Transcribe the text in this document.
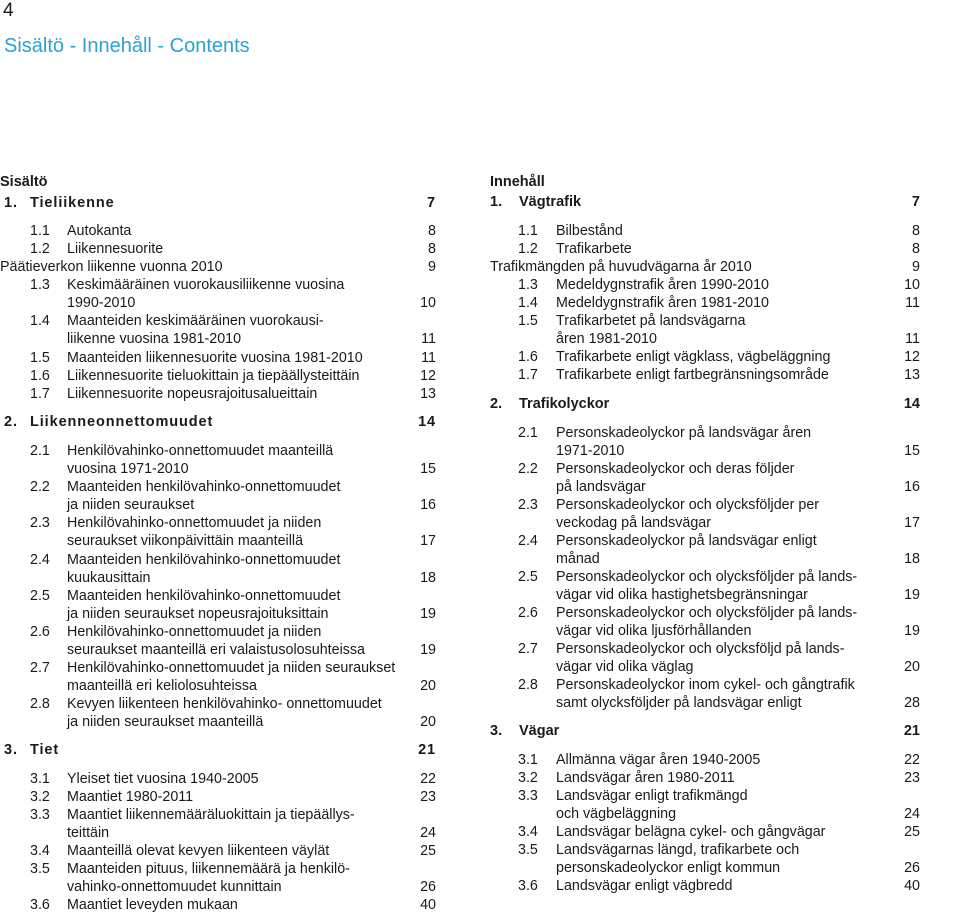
4
Sisältö - Innehåll - Contents
Sisältö
1. Tieliikenne	7
1.1 Autokanta	8
1.2 Liikennesuorite	8
Päätieverkon liikenne vuonna 2010	9
1.3 Keskimääräinen vuorokausiliikenne vuosina
1990-2010	10
1.4 Maanteiden keskimääräinen vuorokausi-
liikenne vuosina 1981-2010	11
1.5 Maanteiden liikennesuorite vuosina 1981-2010	11
1.6 Liikennesuorite tieluokittain ja tiepäällysteittäin	12
1.7 Liikennesuorite nopeusrajoitusalueittain	13
2. Liikenneonnettomuudet	14
2.1 Henkilövahinko-onnettomuudet maanteillä
vuosina 1971-2010	15
2.2 Maanteiden henkilövahinko-onnettomuudet
ja niiden seuraukset	16
2.3 Henkilövahinko-onnettomuudet ja niiden
seuraukset viikonpäivittäin maanteillä	17
2.4 Maanteiden henkilövahinko-onnettomuudet
kuukausittain	18
2.5 Maanteiden henkilövahinko-onnettomuudet
ja niiden seuraukset nopeusrajoituksittain	19
2.6 Henkilövahinko-onnettomuudet ja niiden
seuraukset maanteillä eri valaistusolosuhteissa	19
2.7 Henkilövahinko-onnettomuudet ja niiden seuraukset
maanteillä eri keliolosuhteissa	20
2.8 Kevyen liikenteen henkilövahinko- onnettomuudet
ja niiden seuraukset maanteillä	20
3. Tiet	21
3.1 Yleiset tiet vuosina 1940-2005	22
3.2 Maantiet 1980-2011	23
3.3 Maantiet liikennemääräluokittain ja tiepäällys-
teittäin	24
3.4 Maanteillä olevat kevyen liikenteen väylät	25
3.5 Maanteiden pituus, liikennemäärä ja henkilö-
vahinko-onnettomuudet kunnittain	26
3.6 Maantiet leveyden mukaan	40
Innehåll
1. Vägtrafik	7
1.1 Bilbestånd	8
1.2 Trafikarbete	8
Trafikmängden på huvudvägarna år 2010	9
1.3 Medeldygnstrafik åren 1990-2010	10
1.4 Medeldygnstrafik åren 1981-2010	11
1.5 Trafikarbetet på landsvägarna
åren 1981-2010	11
1.6 Trafikarbete enligt vägklass, vägbeläggning	12
1.7 Trafikarbete enligt fartbegränsningsområde	13
2. Trafikolyckor	14
2.1 Personskadeolyckor på landsvägar åren
1971-2010	15
2.2 Personskadeolyckor och deras följder
på landsvägar	16
2.3 Personskadeolyckor och olycksföljder per
veckodag på landsvägar	17
2.4 Personskadeolyckor på landsvägar enligt
månad	18
2.5 Personskadeolyckor och olycksföljder på lands-
vägar vid olika hastighetsbegränsningar	19
2.6 Personskadeolyckor och olycksföljder på lands-
vägar vid olika ljusförhållanden	19
2.7 Personskadeolyckor och olycksföljd på lands-
vägar vid olika väglag	20
2.8 Personskadeolyckor inom cykel- och gångtrafik
samt olycksföljder på landsvägar enligt	28
3. Vägar	21
3.1 Allmänna vägar åren 1940-2005	22
3.2 Landsvägar åren 1980-2011	23
3.3 Landsvägar enligt trafikmängd
och vägbeläggning	24
3.4 Landsvägar belägna cykel- och gångvägar	25
3.5 Landsvägarnas längd, trafikarbete och
personskadeolyckor enligt kommun	26
3.6 Landsvägar enligt vägbredd	40
